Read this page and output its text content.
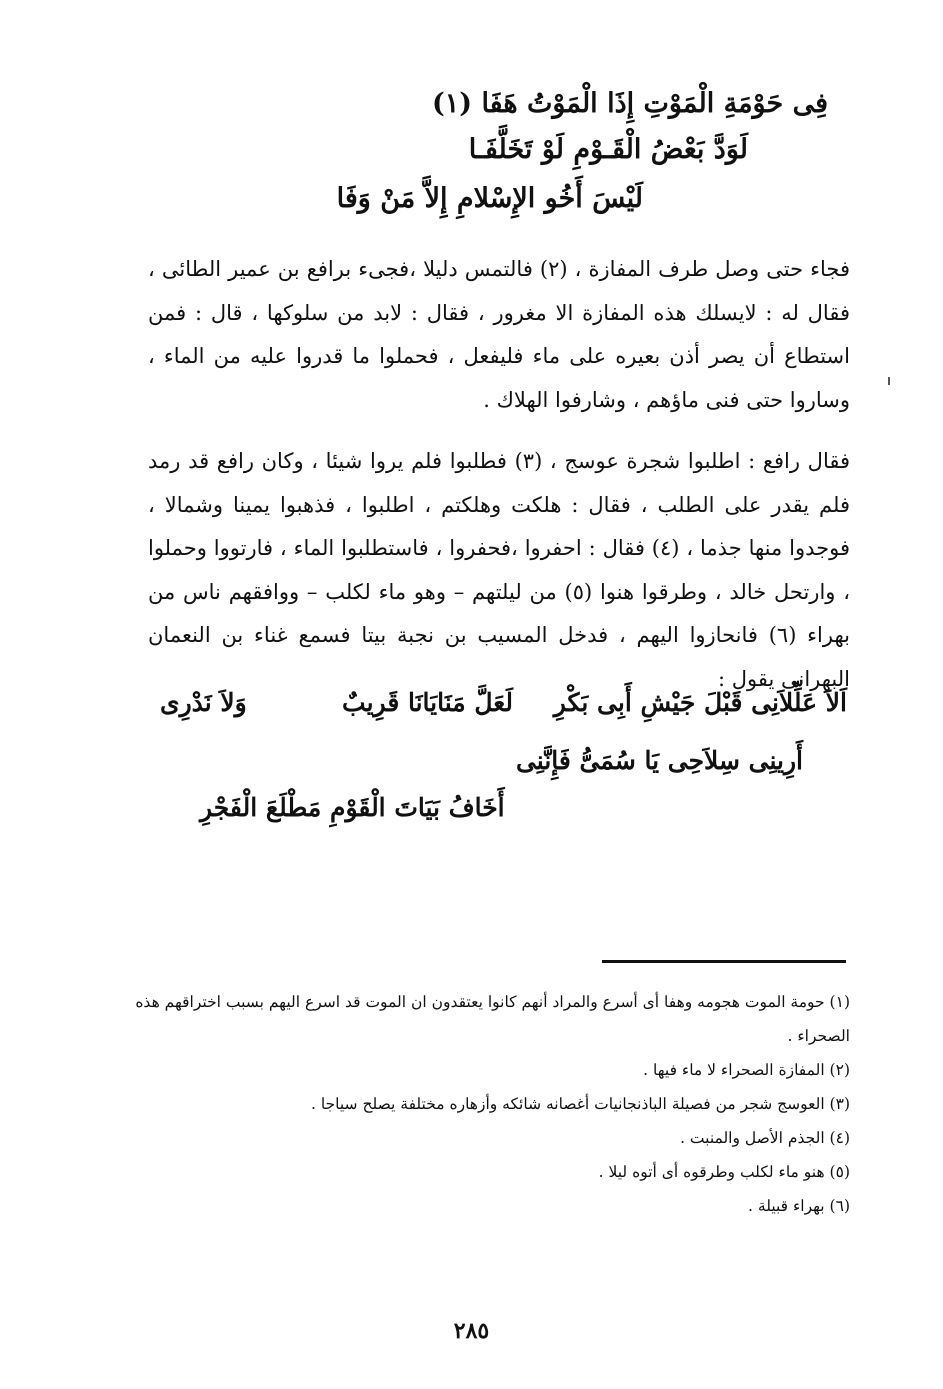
فِى حَوْمَةِ الْمَوْتِ إِذَا الْمَوْتُ هَفَا (١)

لَوَدَّ بَعْضُ الْقَـوْمِ لَوْ تَخَلَّفَـا

لَيْسَ أَخُو الإِسْلامِ إِلاَّ مَنْ وَفَا

فجاء حتى وصل طرف المفازة ، (٢) فالتمس دليلا ،فجىء برافع بن عمير الطائى ، فقال له : لايسلك هذه المفازة الا مغرور ، فقال : لابد من سلوكها ، قال : فمن استطاع أن يصر أذن بعيره على ماء فليفعل ، فحملوا ما قدروا عليه من الماء ، وساروا حتى فنى ماؤهم ، وشارفوا الهلاك .

فقال رافع : اطلبوا شجرة عوسج ، (٣) فطلبوا فلم يروا شيئا ، وكان رافع قد رمد فلم يقدر على الطلب ، فقال : هلكت وهلكتم ، اطلبوا ، فذهبوا يمينا وشمالا ، فوجدوا منها جذما ، (٤) فقال : احفروا ،فحفروا ، فاستطلبوا الماء ، فارتووا وحملوا ، وارتحل خالد ، وطرقوا هنوا (٥) من ليلتهم – وهو ماء لكلب – ووافقهم ناس من بهراء (٦) فانحازوا اليهم ، فدخل المسيب بن نجبة بيتا فسمع غناء بن النعمان البهرانى يقول :

اَلاَ عَلِّلاَنِى قَبْلَ جَيْشِ أَبِى بَكْرِ

لَعَلَّ مَنَايَانَا قَرِيبٌ

وَلاَ نَدْرِى

أَرِينِى سِلاَحِى يَا سُمَىُّ فَإِنَّنِى

أَخَافُ بَيَاتَ الْقَوْمِ مَطْلَعَ الْفَجْرِ

(١) حومة الموت هجومه وهفا أى أسرع والمراد أنهم كانوا يعتقدون ان الموت قد اسرع اليهم بسبب اختراقهم هذه الصحراء .
(٢) المفازة الصحراء لا ماء فيها .
(٣) العوسج شجر من فصيلة الباذنجانيات أغصانه شائكه وأزهاره مختلفة يصلح سياجا .
(٤) الجذم الأصل والمنبت .
(٥) هنو ماء لكلب وطرقوه أى أتوه ليلا .
(٦) بهراء قبيلة .
٢٨٥
